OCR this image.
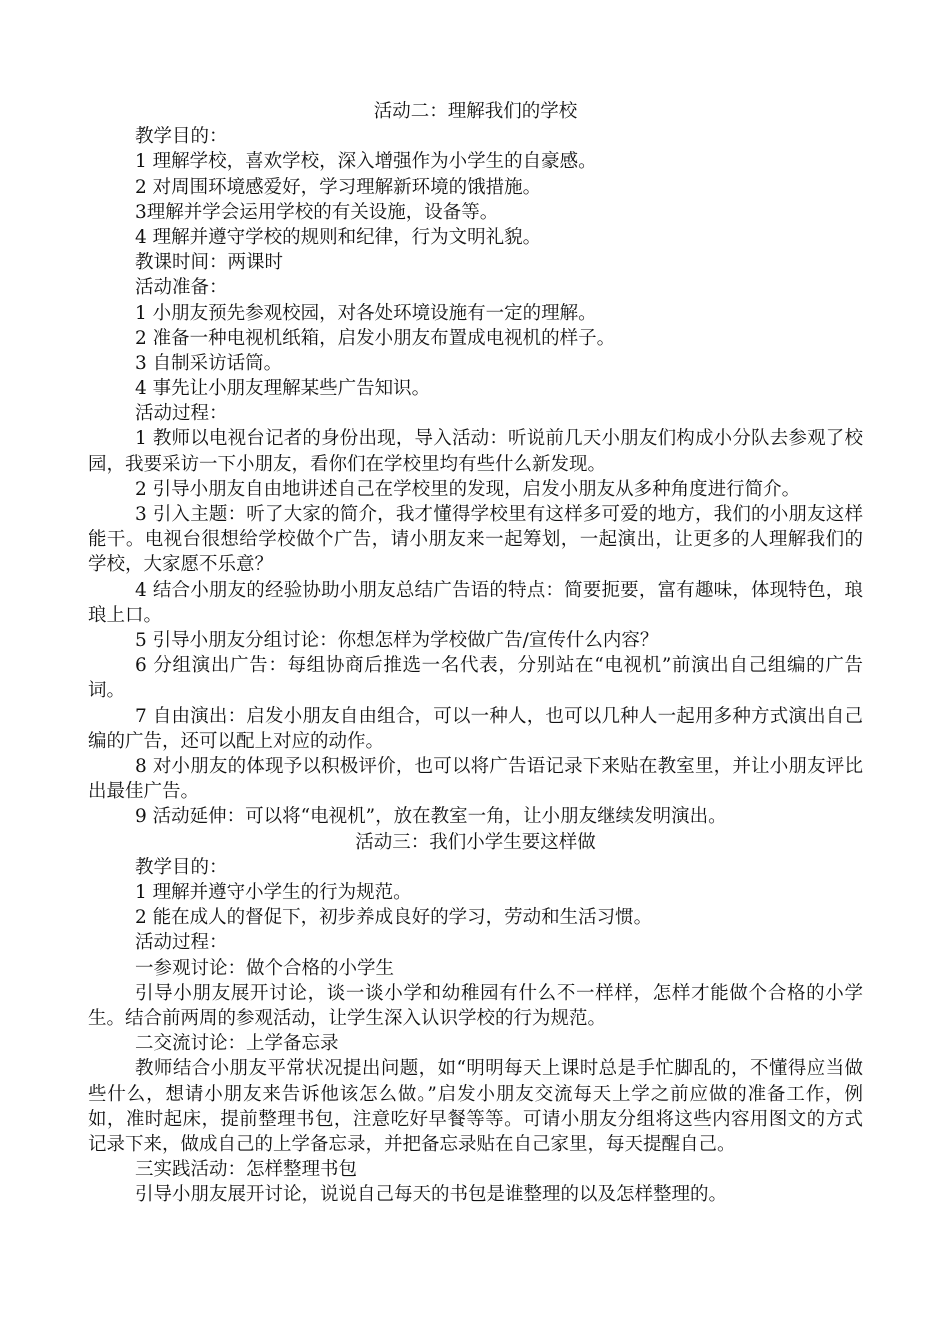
活动二：理解我们的学校
教学目的：
1 理解学校，喜欢学校，深入增强作为小学生的自豪感。
2 对周围环境感爱好，学习理解新环境的饿措施。
3理解并学会运用学校的有关设施，设备等。
4 理解并遵守学校的规则和纪律，行为文明礼貌。
教课时间：两课时
活动准备：
1 小朋友预先参观校园，对各处环境设施有一定的理解。
2 准备一种电视机纸箱，启发小朋友布置成电视机的样子。
3 自制采访话筒。
4 事先让小朋友理解某些广告知识。
活动过程：
1 教师以电视台记者的身份出现，导入活动：听说前几天小朋友们构成小分队去参观了校园，我要采访一下小朋友，看你们在学校里均有些什么新发现。
2 引导小朋友自由地讲述自己在学校里的发现，启发小朋友从多种角度进行简介。
3 引入主题：听了大家的简介，我才懂得学校里有这样多可爱的地方，我们的小朋友这样能干。电视台很想给学校做个广告，请小朋友来一起筹划，一起演出，让更多的人理解我们的学校，大家愿不乐意？
4 结合小朋友的经验协助小朋友总结广告语的特点：简要扼要，富有趣味，体现特色，琅琅上口。
5 引导小朋友分组讨论：你想怎样为学校做广告/宣传什么内容？
6 分组演出广告：每组协商后推选一名代表，分别站在“电视机”前演出自己组编的广告词。
7 自由演出：启发小朋友自由组合，可以一种人，也可以几种人一起用多种方式演出自己编的广告，还可以配上对应的动作。
8 对小朋友的体现予以积极评价，也可以将广告语记录下来贴在教室里，并让小朋友评比出最佳广告。
9 活动延伸：可以将“电视机”，放在教室一角，让小朋友继续发明演出。
活动三：我们小学生要这样做
教学目的：
1 理解并遵守小学生的行为规范。
2 能在成人的督促下，初步养成良好的学习，劳动和生活习惯。
活动过程：
一参观讨论：做个合格的小学生
引导小朋友展开讨论，谈一谈小学和幼稚园有什么不一样样，怎样才能做个合格的小学生。结合前两周的参观活动，让学生深入认识学校的行为规范。
二交流讨论：上学备忘录
教师结合小朋友平常状况提出问题，如“明明每天上课时总是手忙脚乱的，不懂得应当做些什么，想请小朋友来告诉他该怎么做。”启发小朋友交流每天上学之前应做的准备工作，例如，准时起床，提前整理书包，注意吃好早餐等等。可请小朋友分组将这些内容用图文的方式记录下来，做成自己的上学备忘录，并把备忘录贴在自己家里，每天提醒自己。
三实践活动：怎样整理书包
引导小朋友展开讨论，说说自己每天的书包是谁整理的以及怎样整理的。
